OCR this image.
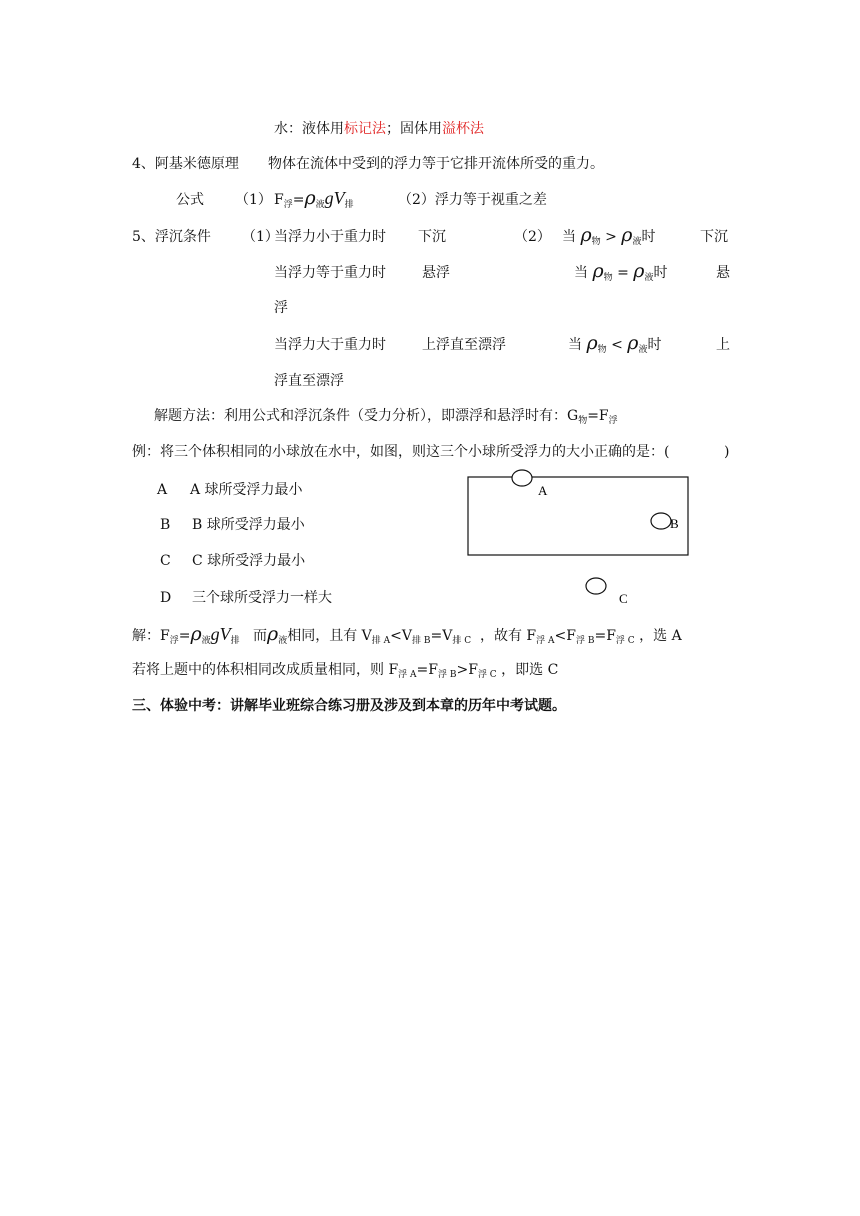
水：液体用标记法；固体用溢杯法
4、阿基米德原理 物体在流体中受到的浮力等于它排开流体所受的重力。
公式 （1） $F_浮=\rho_液gV_排$	（2）浮力等于视重之差
5、浮沉条件 （1）
当浮力小于重力时 下沉	（2） 当 $\rho_物 > \rho_液$时	下沉
当浮力等于重力时	悬浮	当 $\rho_物 = \rho_液$时	悬
浮
当浮力大于重力时	上浮直至漂浮	当 $\rho_物 < \rho_液$时	上
浮直至漂浮
解题方法：利用公式和浮沉条件（受力分析），即漂浮和悬浮时有：$G_物=F_浮$
例：将三个体积相同的小球放在水中，如图，则这三个小球所受浮力的大小正确的是：(	)
A A 球所受浮力最小
B B 球所受浮力最小
C C 球所受浮力最小
D 三个球所受浮力一样大
A
B
C
解：$F_浮=\rho_液gV_排$ 而$\rho_液$相同，且有 $V_{排 A}<V_{排 B}=V_{排 C}$ ，故有 $F_{浮 A}<F_{浮 B}=F_{浮 C}$ ，选 A
若将上题中的体积相同改成质量相同，则 $F_{浮 A}=F_{浮 B}>F_{浮 C}$ ，即选 C
三、体验中考：讲解毕业班综合练习册及涉及到本章的历年中考试题。
